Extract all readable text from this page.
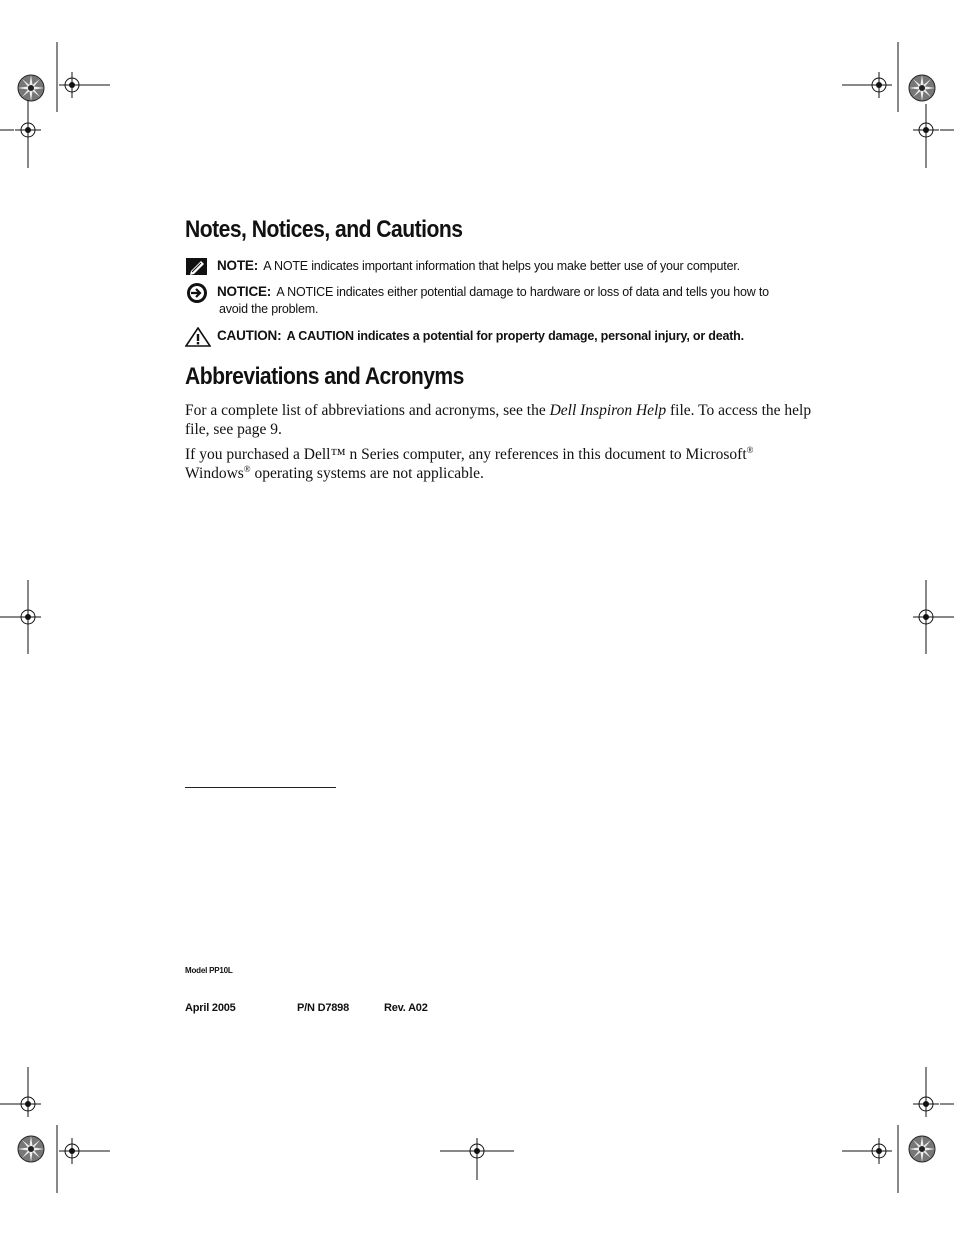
Notes, Notices, and Cautions
NOTE: A NOTE indicates important information that helps you make better use of your computer.
NOTICE: A NOTICE indicates either potential damage to hardware or loss of data and tells you how to
avoid the problem.
CAUTION: A CAUTION indicates a potential for property damage, personal injury, or death.
Abbreviations and Acronyms

For a complete list of abbreviations and acronyms, see the Dell Inspiron Help file. To access the help
file, see page 9.

If you purchased a Dell™ n Series computer, any references in this document to Microsoft®
Windows® operating systems are not applicable.

Model PP10L
April 2005	P/N D7898	Rev. A02
